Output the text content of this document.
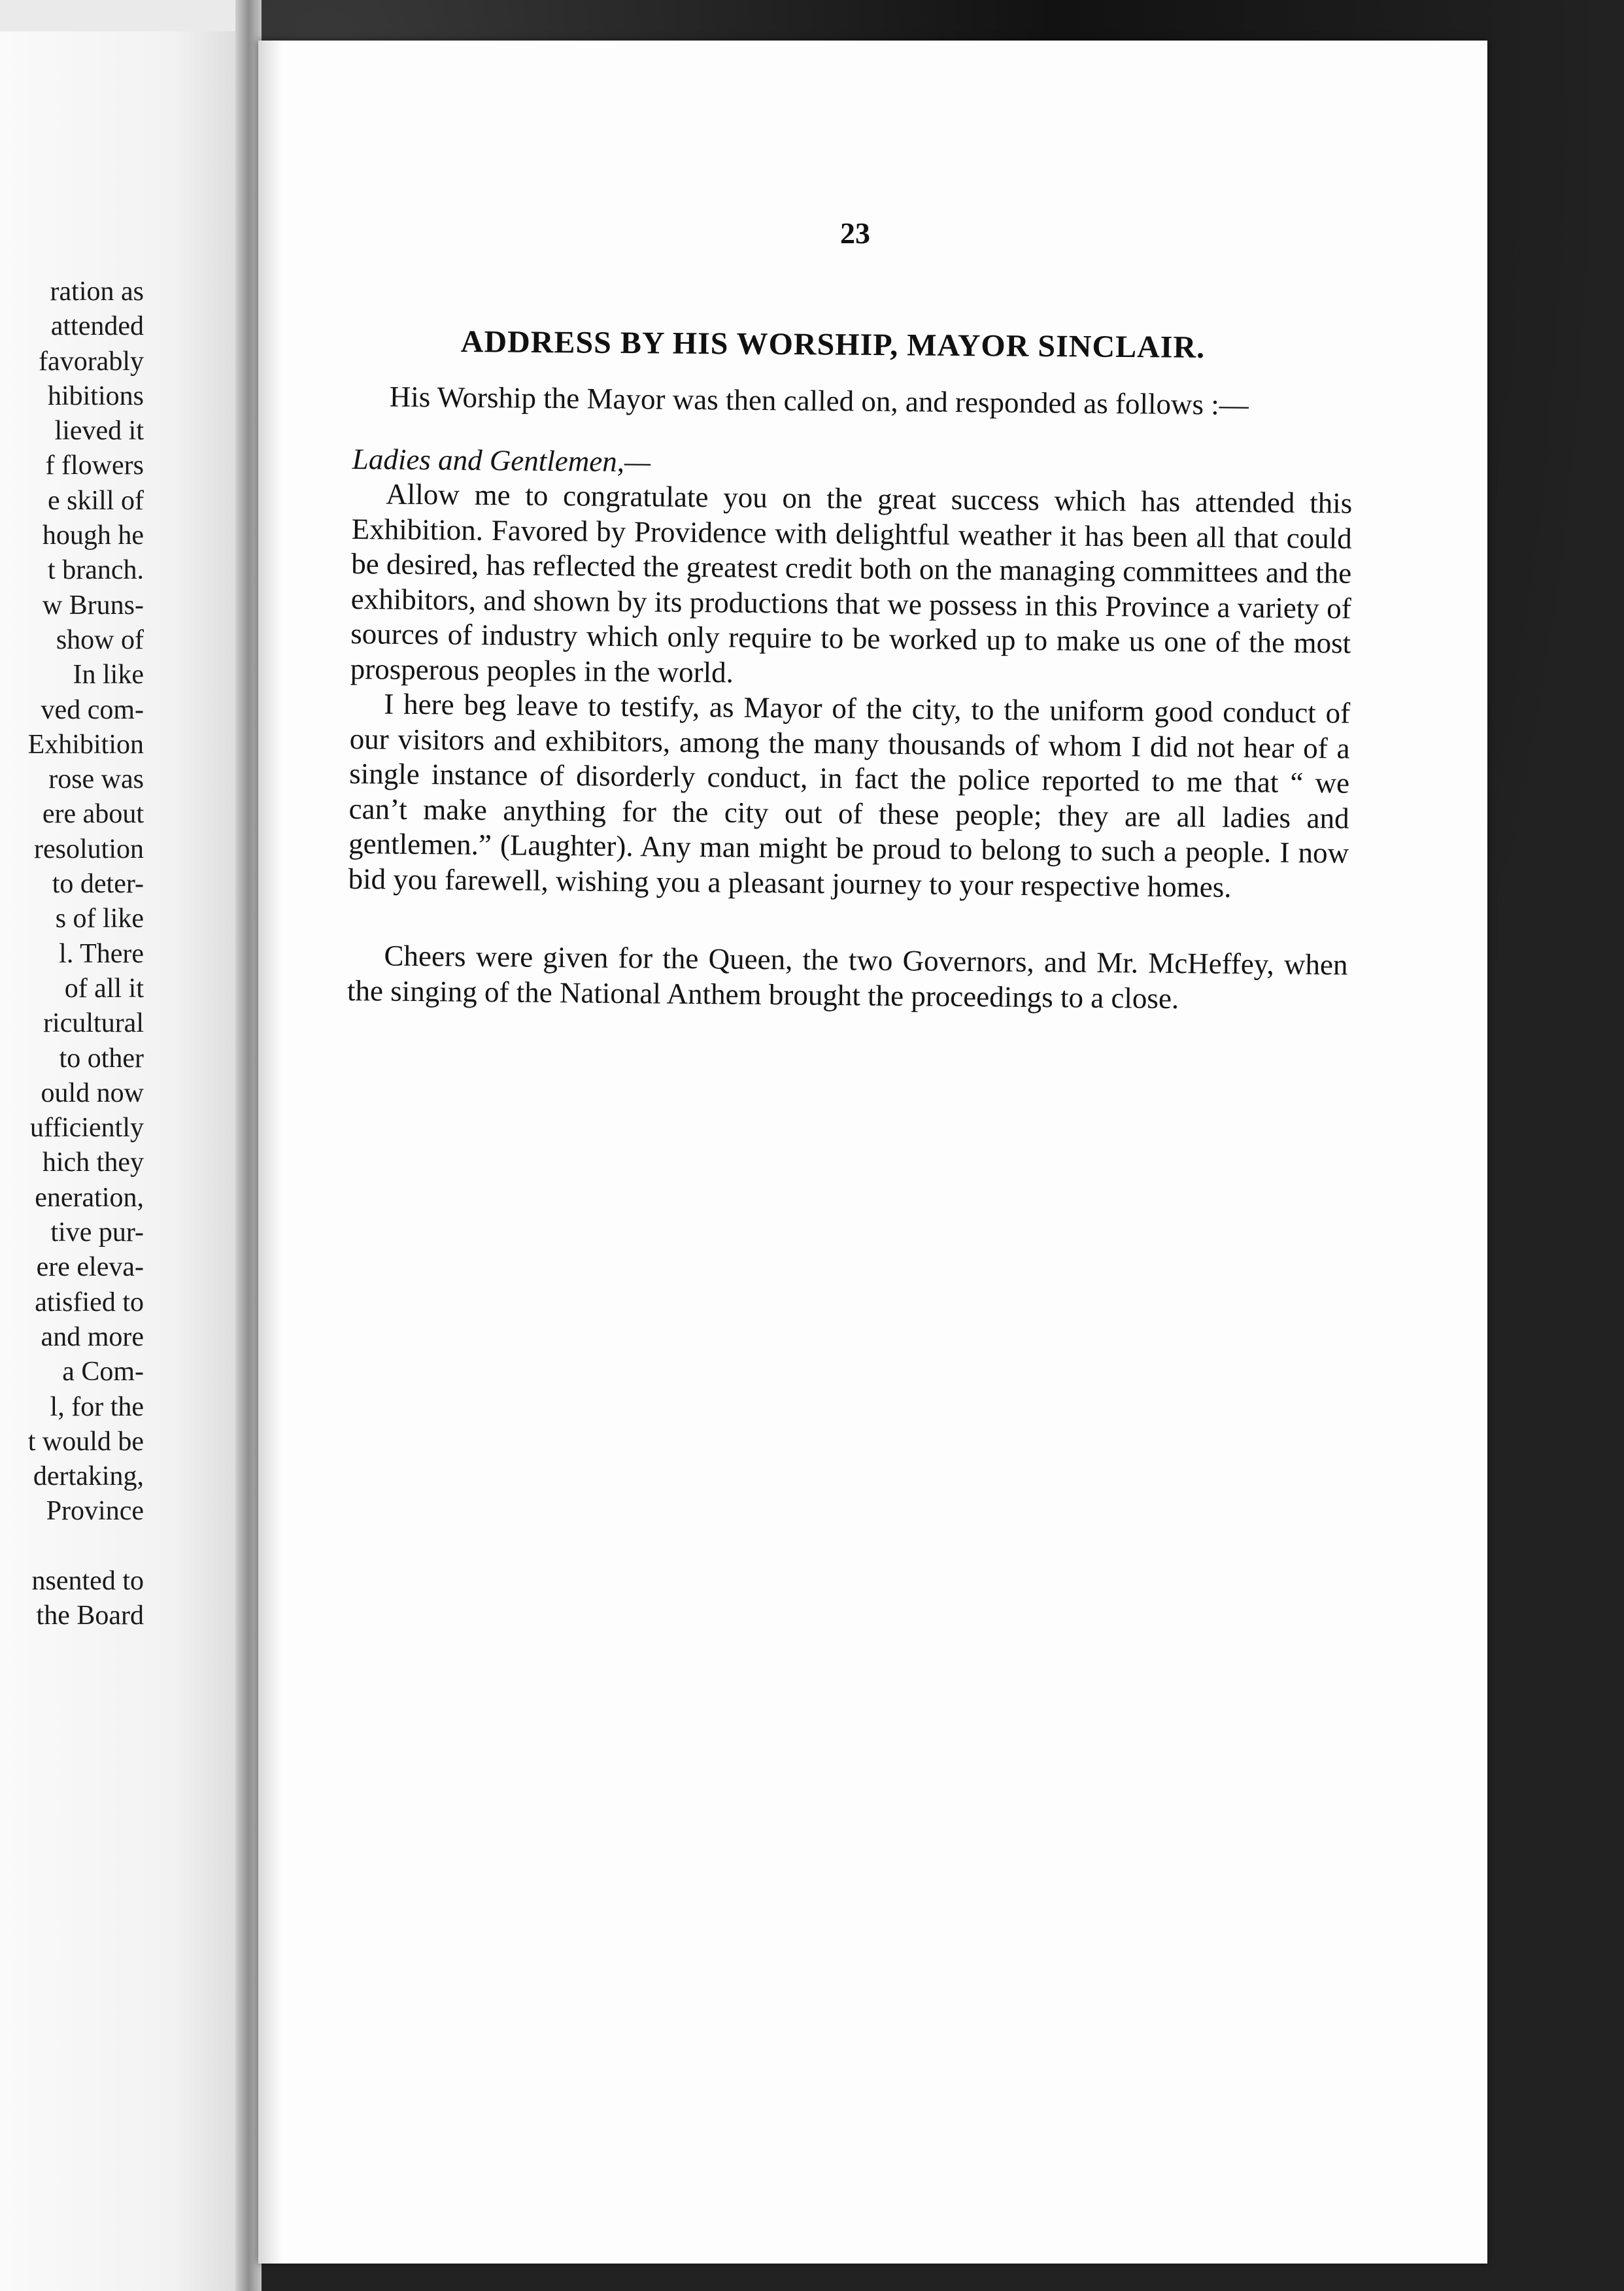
ration as
attended
favorably
hibitions
lieved it
f flowers
e skill of
hough he
t branch.
w Bruns-
show of
In like
ved com-
Exhibition
rose was
ere about
resolution
to deter-
s of like
l. There
of all it
ricultural
to other
ould now
ufficiently
hich they
eneration,
tive pur-
ere eleva-
atisfied to
and more
a Com-
l, for the
t would be
dertaking,
Province
nsented to
the Board
23
ADDRESS BY HIS WORSHIP, MAYOR SINCLAIR.

His Worship the Mayor was then called on, and responded as follows :—

Ladies and Gentlemen,—

Allow me to congratulate you on the great success which has attended this Exhibition. Favored by Providence with delightful weather it has been all that could be desired, has reflected the greatest credit both on the managing committees and the exhibitors, and shown by its productions that we possess in this Province a variety of sources of industry which only require to be worked up to make us one of the most prosperous peoples in the world.

I here beg leave to testify, as Mayor of the city, to the uniform good conduct of our visitors and exhibitors, among the many thousands of whom I did not hear of a single instance of disorderly conduct, in fact the police reported to me that “ we can’t make anything for the city out of these people; they are all ladies and gentlemen.” (Laughter). Any man might be proud to belong to such a people. I now bid you farewell, wishing you a pleasant journey to your respective homes.

Cheers were given for the Queen, the two Governors, and Mr. McHeffey, when the singing of the National Anthem brought the proceedings to a close.
